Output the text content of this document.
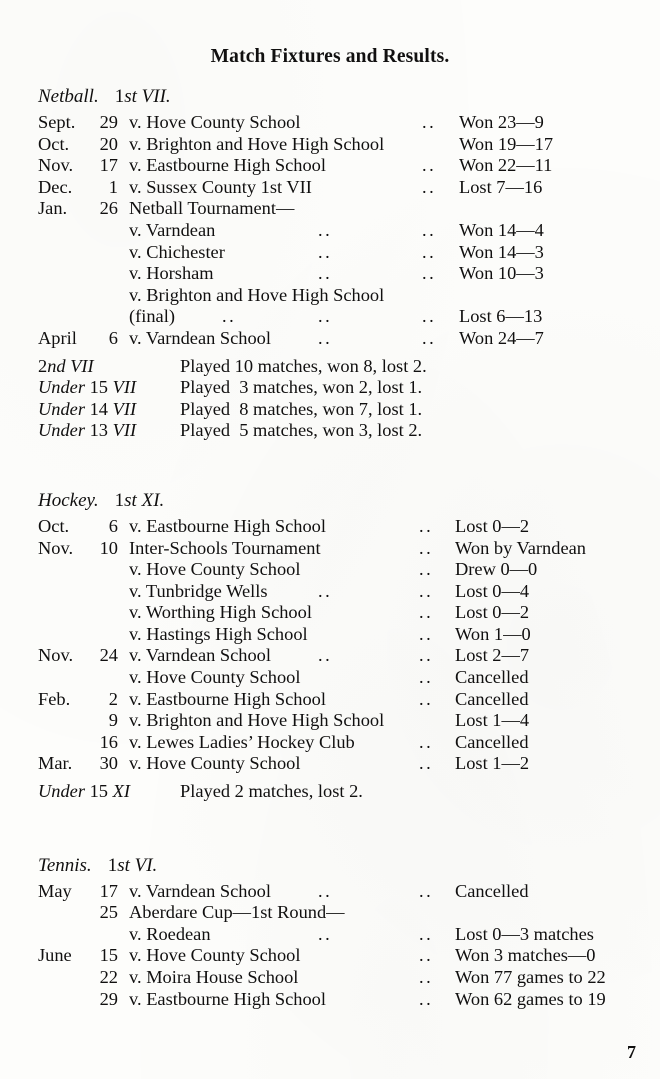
Match Fixtures and Results.
Netball. 1st VII.
Sept.	29 v. Hove County School	.. Won 23—9
Oct.	20 v. Brighton and Hove High School	Won 19—17
Nov.	17 v. Eastbourne High School	.. Won 22—11
Dec.	1 v. Sussex County 1st VII	.. Lost 7—16
Jan.	26 Netball Tournament—
v. Varndean	..	.. Won 14—4
v. Chichester	..	.. Won 14—3
v. Horsham	..	.. Won 10—3
v. Brighton and Hove High School
(final)	..	..	.. Lost 6—13
April	6 v. Varndean School	..	.. Won 24—7
2nd VII	Played 10 matches, won 8, lost 2.
Under 15 VII Played  3 matches, won 2, lost 1.
Under 14 VII Played  8 matches, won 7, lost 1.
Under 13 VII Played  5 matches, won 3, lost 2.
Hockey. 1st XI.
Oct.	6 v. Eastbourne High School	.. Lost 0—2
Nov.	10 Inter-Schools Tournament	.. Won by Varndean
v. Hove County School	.. Drew 0—0
v. Tunbridge Wells	..	.. Lost 0—4
v. Worthing High School	.. Lost 0—2
v. Hastings High School	.. Won 1—0
Nov.	24 v. Varndean School	..	.. Lost 2—7
v. Hove County School	.. Cancelled
Feb.	2 v. Eastbourne High School	.. Cancelled
9 v. Brighton and Hove High School	Lost 1—4
16 v. Lewes Ladies’ Hockey Club	.. Cancelled
Mar.	30 v. Hove County School	.. Lost 1—2
Under 15 XI	Played 2 matches, lost 2.
Tennis. 1st VI.
May	17 v. Varndean School	..	.. Cancelled
25 Aberdare Cup—1st Round—
v. Roedean	..	.. Lost 0—3 matches
June	15 v. Hove County School	.. Won 3 matches—0
22 v. Moira House School	.. Won 77 games to 22
29 v. Eastbourne High School	.. Won 62 games to 19
7
